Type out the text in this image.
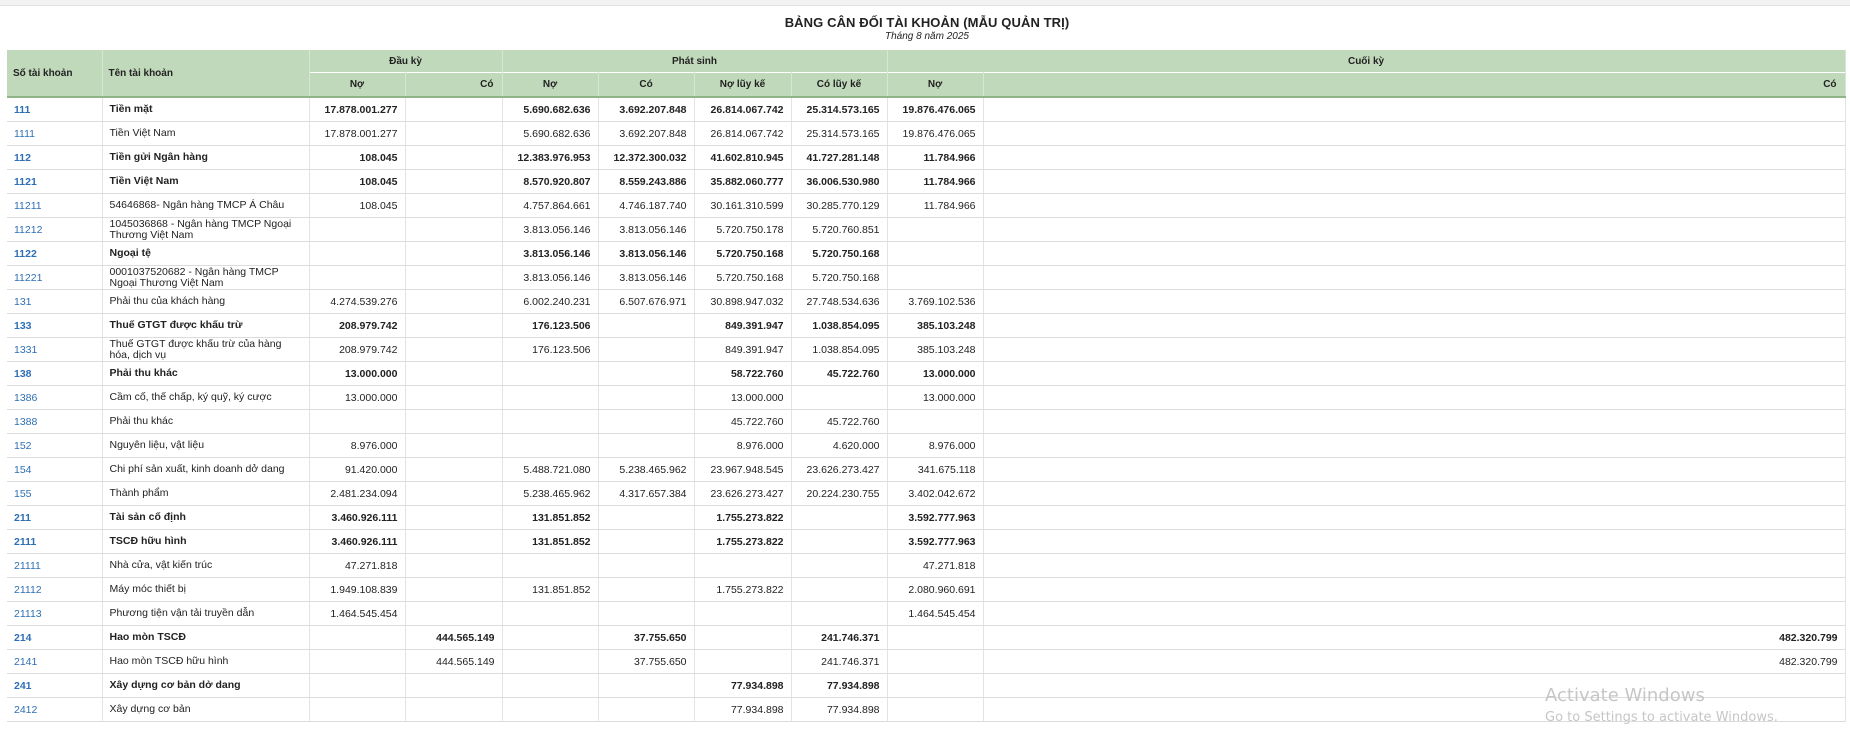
BẢNG CÂN ĐỐI TÀI KHOẢN (MẪU QUẢN TRỊ)
Tháng 8 năm 2025
Số tài khoản	Tên tài khoản	Đầu kỳ		Phát sinh				Cuối kỳ	
		Nợ	Có	Nợ	Có	Nợ lũy kế	Có lũy kế	Nợ	Có
111	Tiền mặt	17.878.001.277		5.690.682.636	3.692.207.848	26.814.067.742	25.314.573.165	19.876.476.065	
1111	Tiền Việt Nam	17.878.001.277		5.690.682.636	3.692.207.848	26.814.067.742	25.314.573.165	19.876.476.065	
112	Tiền gửi Ngân hàng	108.045		12.383.976.953	12.372.300.032	41.602.810.945	41.727.281.148	11.784.966	
1121	Tiền Việt Nam	108.045		8.570.920.807	8.559.243.886	35.882.060.777	36.006.530.980	11.784.966	
11211	54646868- Ngân hàng TMCP Á Châu	108.045		4.757.864.661	4.746.187.740	30.161.310.599	30.285.770.129	11.784.966	
11212	1045036868 - Ngân hàng TMCP Ngoại Thương Việt Nam			3.813.056.146	3.813.056.146	5.720.750.178	5.720.760.851		
1122	Ngoại tệ			3.813.056.146	3.813.056.146	5.720.750.168	5.720.750.168		
11221	0001037520682 - Ngân hàng TMCP Ngoại Thương Việt Nam			3.813.056.146	3.813.056.146	5.720.750.168	5.720.750.168		
131	Phải thu của khách hàng	4.274.539.276		6.002.240.231	6.507.676.971	30.898.947.032	27.748.534.636	3.769.102.536	
133	Thuế GTGT được khấu trừ	208.979.742		176.123.506		849.391.947	1.038.854.095	385.103.248	
1331	Thuế GTGT được khấu trừ của hàng hóa, dịch vụ	208.979.742		176.123.506		849.391.947	1.038.854.095	385.103.248	
138	Phải thu khác	13.000.000				58.722.760	45.722.760	13.000.000	
1386	Cầm cố, thế chấp, ký quỹ, ký cược	13.000.000				13.000.000		13.000.000	
1388	Phải thu khác					45.722.760	45.722.760		
152	Nguyên liệu, vật liệu	8.976.000				8.976.000	4.620.000	8.976.000	
154	Chi phí sản xuất, kinh doanh dở dang	91.420.000		5.488.721.080	5.238.465.962	23.967.948.545	23.626.273.427	341.675.118	
155	Thành phẩm	2.481.234.094		5.238.465.962	4.317.657.384	23.626.273.427	20.224.230.755	3.402.042.672	
211	Tài sản cố định	3.460.926.111		131.851.852		1.755.273.822		3.592.777.963	
2111	TSCĐ hữu hình	3.460.926.111		131.851.852		1.755.273.822		3.592.777.963	
21111	Nhà cửa, vật kiến trúc	47.271.818						47.271.818	
21112	Máy móc thiết bị	1.949.108.839		131.851.852		1.755.273.822		2.080.960.691	
21113	Phương tiện vận tải truyền dẫn	1.464.545.454						1.464.545.454	
214	Hao mòn TSCĐ		444.565.149		37.755.650		241.746.371		482.320.799
2141	Hao mòn TSCĐ hữu hình		444.565.149		37.755.650		241.746.371		482.320.799
241	Xây dựng cơ bản dở dang					77.934.898	77.934.898		
2412	Xây dựng cơ bản					77.934.898	77.934.898		
Activate Windows
Go to Settings to activate Windows.
